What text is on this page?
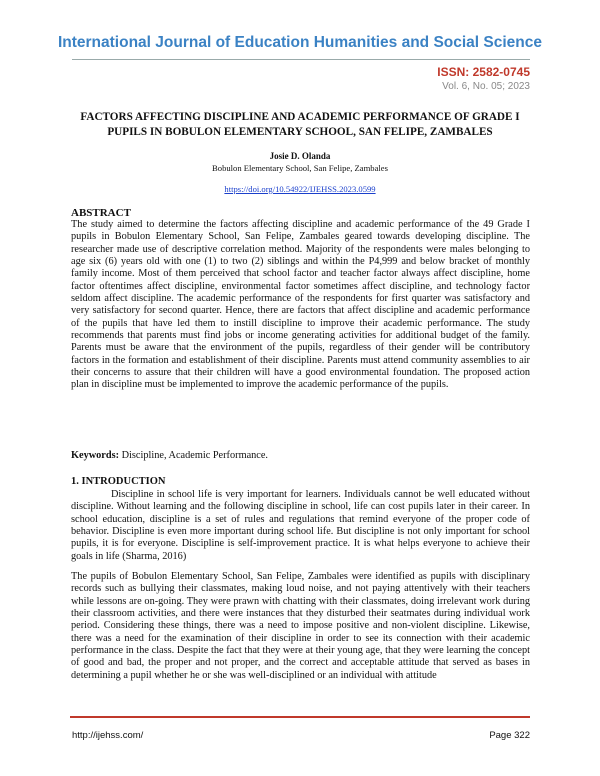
International Journal of Education Humanities and Social Science
ISSN: 2582-0745
Vol. 6, No. 05; 2023
FACTORS AFFECTING DISCIPLINE AND ACADEMIC PERFORMANCE OF GRADE I PUPILS IN BOBULON ELEMENTARY SCHOOL, SAN FELIPE, ZAMBALES
Josie D. Olanda
Bobulon Elementary School, San Felipe, Zambales
https://doi.org/10.54922/IJEHSS.2023.0599
ABSTRACT

The study aimed to determine the factors affecting discipline and academic performance of the 49 Grade I pupils in Bobulon Elementary School, San Felipe, Zambales geared towards developing discipline. The researcher made use of descriptive correlation method. Majority of the respondents were males belonging to age six (6) years old with one (1) to two (2) siblings and within the P4,999 and below bracket of monthly family income. Most of them perceived that school factor and teacher factor always affect discipline, home factor oftentimes affect discipline, environmental factor sometimes affect discipline, and technology factor seldom affect discipline. The academic performance of the respondents for first quarter was satisfactory and very satisfactory for second quarter. Hence, there are factors that affect discipline and academic performance of the pupils that have led them to instill discipline to improve their academic performance. The study recommends that parents must find jobs or income generating activities for additional budget of the family. Parents must be aware that the environment of the pupils, regardless of their gender will be contributory factors in the formation and establishment of their discipline. Parents must attend community assemblies to air their concerns to assure that their children will have a good environmental foundation. The proposed action plan in discipline must be implemented to improve the academic performance of the pupils.

Keywords: Discipline, Academic Performance.
1. INTRODUCTION

Discipline in school life is very important for learners. Individuals cannot be well educated without discipline. Without learning and the following discipline in school, life can cost pupils later in their career. In school education, discipline is a set of rules and regulations that remind everyone of the proper code of behavior. Discipline is even more important during school life. But discipline is not only important for school pupils, it is for everyone. Discipline is self-improvement practice. It is what helps everyone to achieve their goals in life (Sharma, 2016)

The pupils of Bobulon Elementary School, San Felipe, Zambales were identified as pupils with disciplinary records such as bullying their classmates, making loud noise, and not paying attentively with their teachers while lessons are on-going. They were prawn with chatting with their classmates, doing irrelevant work during their classroom activities, and there were instances that they disturbed their seatmates during individual work period. Considering these things, there was a need to impose positive and non-violent discipline. Likewise, there was a need for the examination of their discipline in order to see its connection with their academic performance in the class. Despite the fact that they were at their young age, that they were learning the concept of good and bad, the proper and not proper, and the correct and acceptable attitude that served as bases in determining a pupil whether he or she was well-disciplined or an individual with attitude

http://ijehss.com/	Page 322
